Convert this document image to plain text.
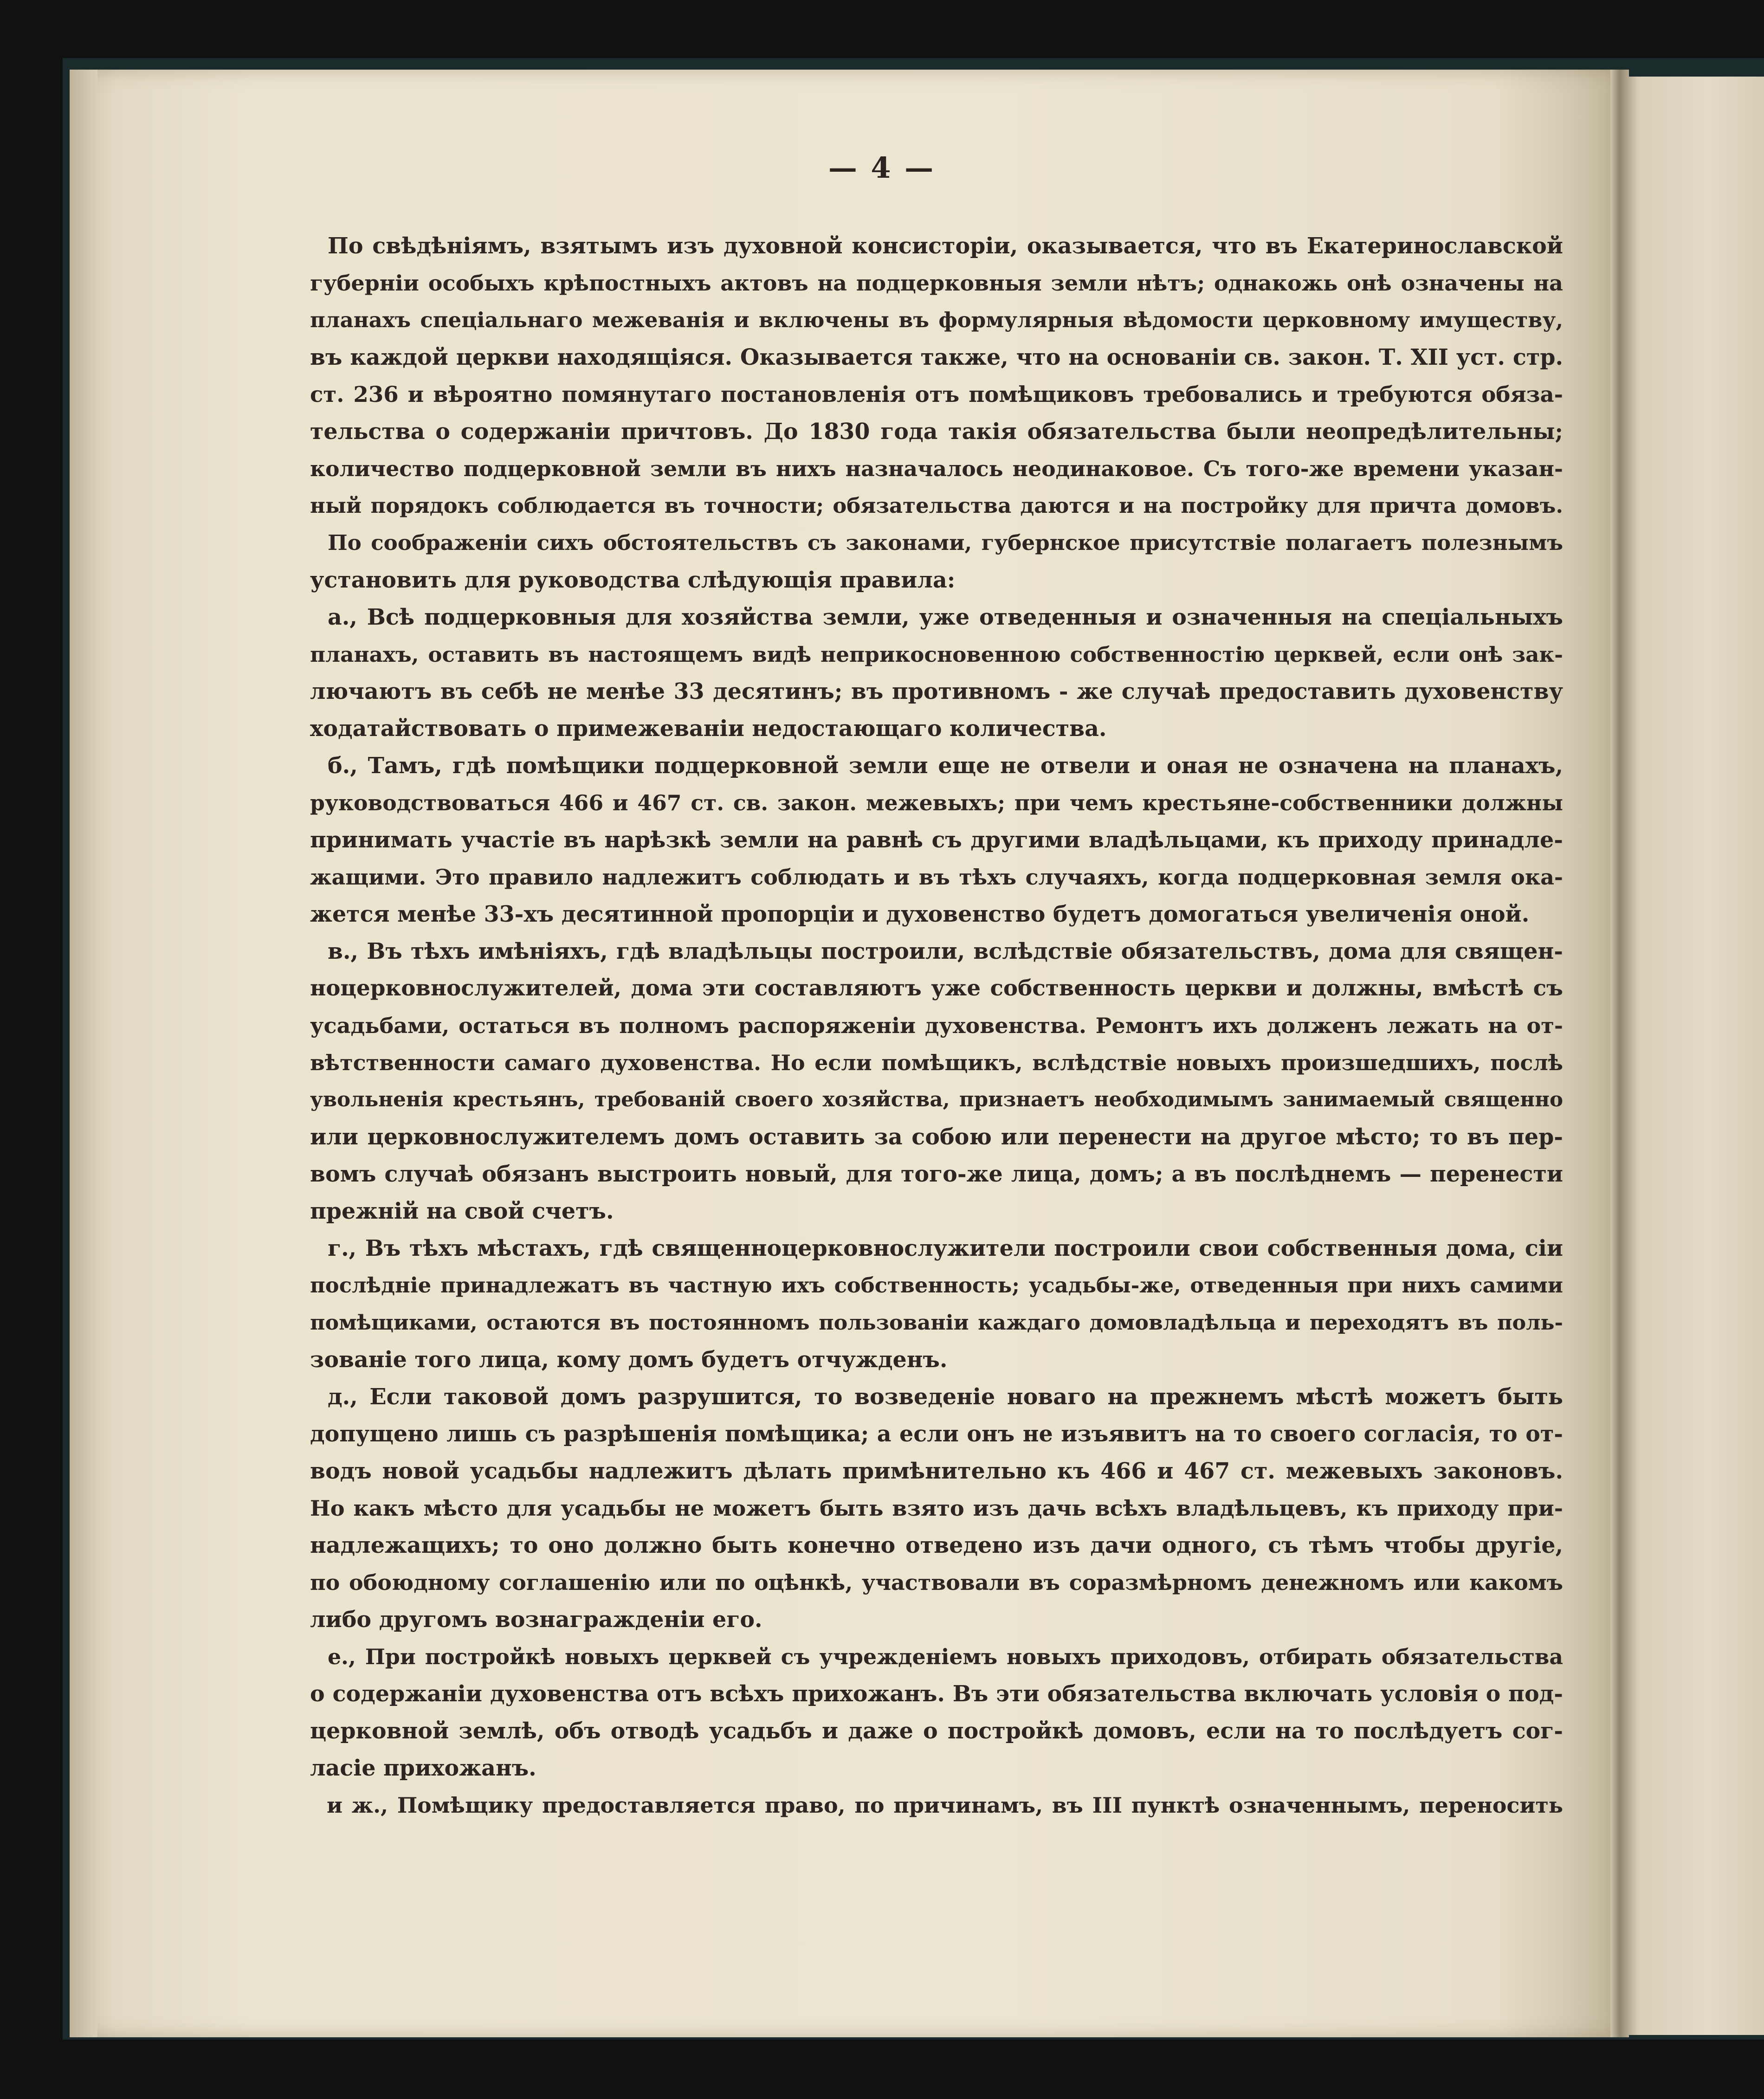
— 4 —
По свѣдѣніямъ, взятымъ изъ духовной консисторіи, оказывается, что въ Екатеринославской
губерніи особыхъ крѣпостныхъ актовъ на подцерковныя земли нѣтъ; однакожь онѣ означены на
планахъ спеціальнаго межеванія и включены въ формулярныя вѣдомости церковному имуществу,
въ каждой церкви находящіяся. Оказывается также, что на основаніи св. закон. Т. XII уст. стр.
ст. 236 и вѣроятно помянутаго постановленія отъ помѣщиковъ требовались и требуются обяза-
тельства о содержаніи причтовъ. До 1830 года такія обязательства были неопредѣлительны;
количество подцерковной земли въ нихъ назначалось неодинаковое. Съ того-же времени указан-
ный порядокъ соблюдается въ точности; обязательства даются и на постройку для причта домовъ.
По соображеніи сихъ обстоятельствъ съ законами, губернское присутствіе полагаетъ полезнымъ
установить для руководства слѣдующія правила:
а., Всѣ подцерковныя для хозяйства земли, уже отведенныя и означенныя на спеціальныхъ
планахъ, оставить въ настоящемъ видѣ неприкосновенною собственностію церквей, если онѣ зак-
лючаютъ въ себѣ не менѣе 33 десятинъ; въ противномъ - же случаѣ предоставить духовенству
ходатайствовать о примежеваніи недостающаго количества.
б., Тамъ, гдѣ помѣщики подцерковной земли еще не отвели и оная не означена на планахъ,
руководствоваться 466 и 467 ст. св. закон. межевыхъ; при чемъ крестьяне-собственники должны
принимать участіе въ нарѣзкѣ земли на равнѣ съ другими владѣльцами, къ приходу принадле-
жащими. Это правило надлежитъ соблюдать и въ тѣхъ случаяхъ, когда подцерковная земля ока-
жется менѣе 33-хъ десятинной пропорціи и духовенство будетъ домогаться увеличенія оной.
в., Въ тѣхъ имѣніяхъ, гдѣ владѣльцы построили, вслѣдствіе обязательствъ, дома для священ-
ноцерковнослужителей, дома эти составляютъ уже собственность церкви и должны, вмѣстѣ съ
усадьбами, остаться въ полномъ распоряженіи духовенства. Ремонтъ ихъ долженъ лежать на от-
вѣтственности самаго духовенства. Но если помѣщикъ, вслѣдствіе новыхъ произшедшихъ, послѣ
увольненія крестьянъ, требованій своего хозяйства, признаетъ необходимымъ занимаемый священно
или церковнослужителемъ домъ оставить за собою или перенести на другое мѣсто; то въ пер-
вомъ случаѣ обязанъ выстроить новый, для того-же лица, домъ; а въ послѣднемъ — перенести
прежній на свой счетъ.
г., Въ тѣхъ мѣстахъ, гдѣ священноцерковнослужители построили свои собственныя дома, сіи
послѣдніе принадлежатъ въ частную ихъ собственность; усадьбы-же, отведенныя при нихъ самими
помѣщиками, остаются въ постоянномъ пользованіи каждаго домовладѣльца и переходятъ въ поль-
зованіе того лица, кому домъ будетъ отчужденъ.
д., Если таковой домъ разрушится, то возведеніе новаго на прежнемъ мѣстѣ можетъ быть
допущено лишь съ разрѣшенія помѣщика; а если онъ не изъявитъ на то своего согласія, то от-
водъ новой усадьбы надлежитъ дѣлать примѣнительно къ 466 и 467 ст. межевыхъ законовъ.
Но какъ мѣсто для усадьбы не можетъ быть взято изъ дачь всѣхъ владѣльцевъ, къ приходу при-
надлежащихъ; то оно должно быть конечно отведено изъ дачи одного, съ тѣмъ чтобы другіе,
по обоюдному соглашенію или по оцѣнкѣ, участвовали въ соразмѣрномъ денежномъ или какомъ
либо другомъ вознагражденіи его.
е., При постройкѣ новыхъ церквей съ учрежденіемъ новыхъ приходовъ, отбирать обязательства
о содержаніи духовенства отъ всѣхъ прихожанъ. Въ эти обязательства включать условія о под-
церковной землѣ, объ отводѣ усадьбъ и даже о постройкѣ домовъ, если на то послѣдуетъ сог-
ласіе прихожанъ.
и ж., Помѣщику предоставляется право, по причинамъ, въ III пунктѣ означеннымъ, переносить
